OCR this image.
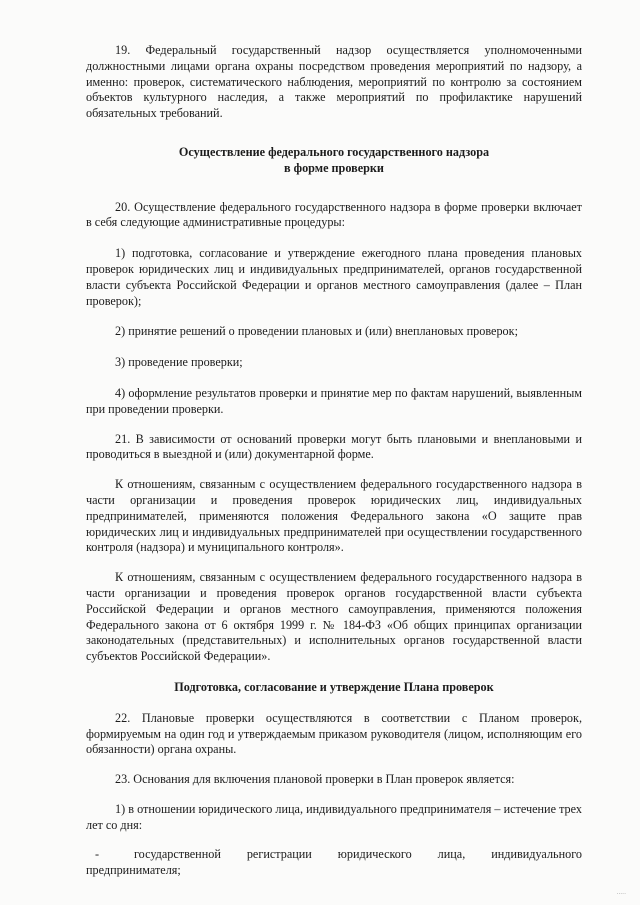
19. Федеральный государственный надзор осуществляется уполномоченными должностными лицами органа охраны посредством проведения мероприятий по надзору, а именно: проверок, систематического наблюдения, мероприятий по контролю за состоянием объектов культурного наследия, а также мероприятий по профилактике нарушений обязательных требований.

Осуществление федерального государственного надзора
в форме проверки

20. Осуществление федерального государственного надзора в форме проверки включает в себя следующие административные процедуры:

1) подготовка, согласование и утверждение ежегодного плана проведения плановых проверок юридических лиц и индивидуальных предпринимателей, органов государственной власти субъекта Российской Федерации и органов местного самоуправления (далее – План проверок);

2) принятие решений о проведении плановых и (или) внеплановых проверок;

3) проведение проверки;

4) оформление результатов проверки и принятие мер по фактам нарушений, выявленным при проведении проверки.

21. В зависимости от оснований проверки могут быть плановыми и внеплановыми и проводиться в выездной и (или) документарной форме.

К отношениям, связанным с осуществлением федерального государственного надзора в части организации и проведения проверок юридических лиц, индивидуальных предпринимателей, применяются положения Федерального закона «О защите прав юридических лиц и индивидуальных предпринимателей при осуществлении государственного контроля (надзора) и муниципального контроля».

К отношениям, связанным с осуществлением федерального государственного надзора в части организации и проведения проверок органов государственной власти субъекта Российской Федерации и органов местного самоуправления, применяются положения Федерального закона от 6 октября 1999 г. № 184-ФЗ «Об общих принципах организации законодательных (представительных) и исполнительных органов государственной власти субъектов Российской Федерации».

Подготовка, согласование и утверждение Плана проверок

22. Плановые проверки осуществляются в соответствии с Планом проверок, формируемым на один год и утверждаемым приказом руководителя (лицом, исполняющим его обязанности) органа охраны.

23. Основания для включения плановой проверки в План проверок является:

1) в отношении юридического лица, индивидуального предпринимателя – истечение трех лет со дня:

-	государственной регистрации юридического лица, индивидуального
предпринимателя;
.....
